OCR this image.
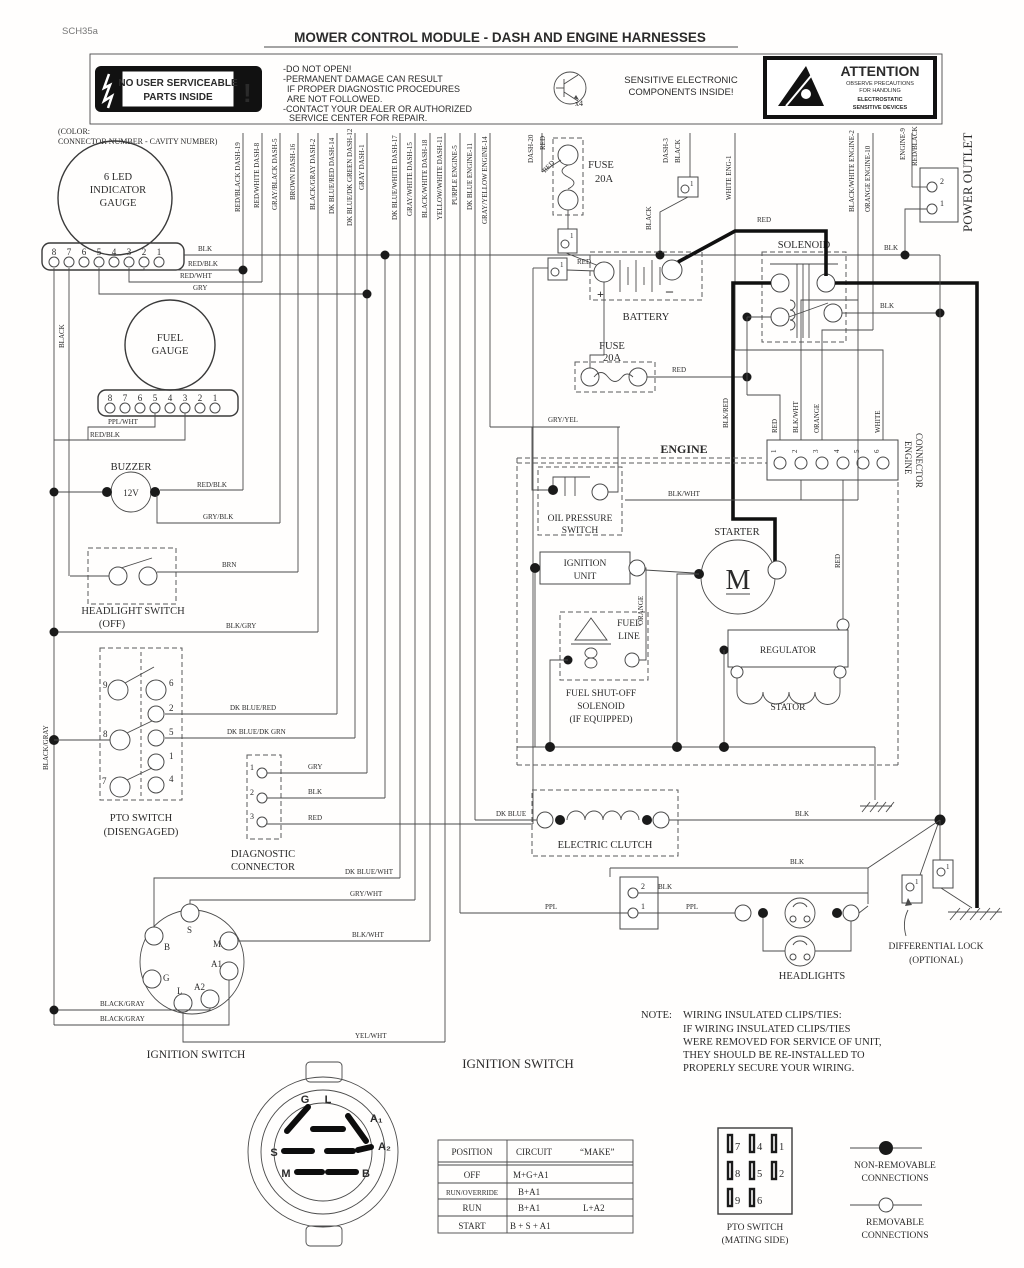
SCH35a	MOWER CONTROL MODULE - DASH AND ENGINE HARNESSES
NO USER SERVICEABLE
PARTS INSIDE !
-DO NOT OPEN!
-PERMANENT DAMAGE CAN RESULT
IF PROPER DIAGNOSTIC PROCEDURES
ARE NOT FOLLOWED.
-CONTACT YOUR DEALER OR AUTHORIZED
SERVICE CENTER FOR REPAIR.
x4
SENSITIVE ELECTRONIC
COMPONENTS INSIDE!
ATTENTION
OBSERVE PRECAUTIONS
FOR HANDLING
ELECTROSTATIC
SENSITIVE DEVICES
(COLOR:
CONNECTOR NUMBER - CAVITY NUMBER)
RED/BLACK DASH-19 RED/WHITE DASH-8 GRAY/BLACK DASH-5 BROWN DASH-16 BLACK/GRAY DASH-2 DK BLUE/RED DASH-14 DK BLUE/DK GREEN DASH-12 GRAY DASH-1	DK BLUE/WHITE DASH-17 GRAY/WHITE DASH-15 BLACK/WHITE DASH-18 YELLOW/WHITE DASH-11 PURPLE ENGINE-5 DK BLUE ENGINE-11 GRAY/YELLOW ENGINE-14	DASH-20 RED
RED
DASH-3 BLACK
BLACK
WHITE ENG-1	BLACK/WHITE ENGINE-2 ORANGE ENGINE-10
ENGINE-9 RED/BLACK
6 LED
INDICATOR
GAUGE
8 7 6 5 4 3 2 1	BLK
RED/BLK
RED/WHT
GRY
BLACK	FUEL
GAUGE
8 7 6 5 4 3 2 1
PPL/WHT
RED/BLK
BUZZER
12V
RED/BLK
GRY/BLK
BRN
HEADLIGHT SWITCH
(OFF)	BLK/GRY
9	6
2
8	5
1
7	4
DK BLUE/RED
DK BLUE/DK GRN
BLACK/GRAY
PTO SWITCH
(DISENGAGED)
1
2
3
GRY
BLK
RED
DIAGNOSTIC
CONNECTOR
S
B	M
A1
G
A2
L
DK BLUE/WHT
GRY/WHT
BLK/WHT
YEL/WHT
BLACK/GRAY
BLACK/GRAY
IGNITION SWITCH
FUSE
20A
1
1 RED
1
+	–
BATTERY
FUSE
20A
RED
SOLENOID
BLK
RED
BLK/RED
2
1
BLK
POWER OUTLET
ENGINE	1 2 3 4 5 6 ENGINE CONNECTOR
RED BLK/WHT ORANGE	WHITE
RED
GRY/YEL
OIL PRESSURE
SWITCH
BLK/WHT
IGNITION
UNIT
ORANGE
STARTER
M
FUEL
LINE
FUEL SHUT-OFF
SOLENOID
(IF EQUIPPED)
REGULATOR
STATOR
DK BLUE
ELECTRIC CLUTCH
BLK
2
1
BLK
BLK
PPL	PPL
HEADLIGHTS
1
1
DIFFERENTIAL LOCK
(OPTIONAL)
NOTE: WIRING INSULATED CLIPS/TIES:
IF WIRING INSULATED CLIPS/TIES
WERE REMOVED FOR SERVICE OF UNIT,
THEY SHOULD BE RE-INSTALLED TO
PROPERLY SECURE YOUR WIRING.
IGNITION SWITCH
G L
A₁
A₂
S
M	B
POSITION	CIRCUIT	“MAKE”
OFF	M+G+A1
RUN/OVERRIDE B+A1
RUN	B+A1	L+A2
START	B + S + A1
7 4 1
8 5 2
9 6
PTO SWITCH
(MATING SIDE)
NON-REMOVABLE
CONNECTIONS
REMOVABLE
CONNECTIONS
